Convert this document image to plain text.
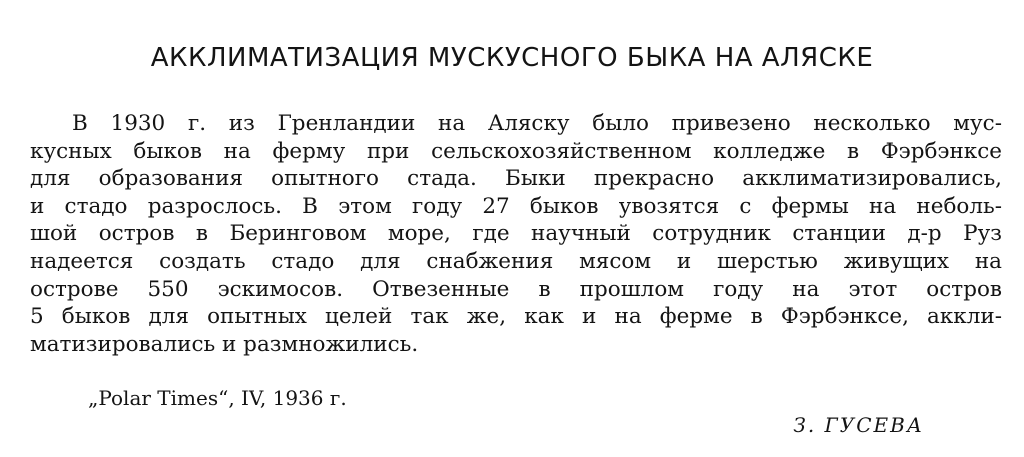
АККЛИМАТИЗАЦИЯ МУСКУСНОГО БЫКА НА АЛЯСКЕ
В 1930 г. из Гренландии на Аляску было привезено несколько мус-
кусных быков на ферму при сельскохозяйственном колледже в Фэрбэнксе
для образования опытного стада. Быки прекрасно акклиматизировались,
и стадо разрослось. В этом году 27 быков увозятся с фермы на неболь-
шой остров в Беринговом море, где научный сотрудник станции д-р Руз
надеется создать стадо для снабжения мясом и шерстью живущих на
острове 550 эскимосов. Отвезенные в прошлом году на этот остров
5 быков для опытных целей так же, как и на ферме в Фэрбэнксе, аккли-
матизировались и размножились.
„Polar Times“, IV, 1936 г.
З. ГУСЕВА
